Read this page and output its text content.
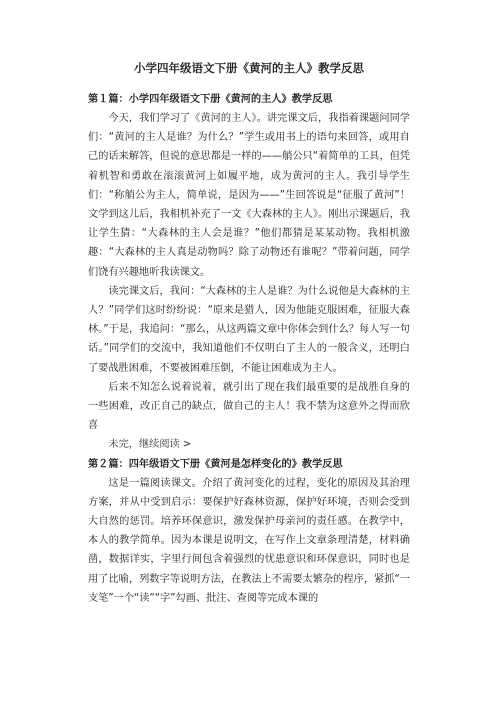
小学四年级语文下册《黄河的主人》教学反思

第１篇：小学四年级语文下册《黄河的主人》教学反思

今天，我们学习了《黄河的主人》。讲完课文后，我指着课题问同学们：“黄河的主人是谁？为什么？”学生或用书上的语句来回答，或用自己的话来解答，但说的意思都是一样的——艄公只“着简单的工具，但凭着机智和勇敢在滚滚黄河上如履平地，成为黄河的主人。我引导学生们：“称艄公为主人，简单说，是因为——”生回答说是“征服了黄河”！文学到这儿后，我相机补充了一文《大森林的主人》。刚出示课题后，我让学生猜：“大森林的主人会是谁？”他们都猜是某某动物。我相机激趣：“大森林的主人真是动物吗？除了动物还有谁呢？”带着问题，同学们饶有兴趣地听我读课文。

读完课文后，我问：“大森林的主人是谁？为什么说他是大森林的主人？”同学们这时纷纷说：“原来是猎人，因为他能克服困难，征服大森林。”于是，我追问：“那么，从这两篇文章中你体会到什么？每人写一句话。”同学们的交流中，我知道他们不仅明白了主人的一般含义，还明白了要战胜困难，不要被困难压倒，不能让困难成为主人。

后来不知怎么说着说着，就引出了现在我们最重要的是战胜自身的一些困难，改正自己的缺点，做自己的主人！我不禁为这意外之得而欣喜

未完，继续阅读 >

第２篇：四年级语文下册《黄河是怎样变化的》教学反思

这是一篇阅读课文。介绍了黄河变化的过程，变化的原因及其治理方案，并从中受到启示：要保护好森林资源，保护好环境，否则会受到大自然的惩罚。培养环保意识，激发保护母亲河的责任感。在教学中，本人的教学简单。因为本课是说明文，在写作上文章条理清楚，材料确凿，数据详实，字里行间包含着强烈的忧患意识和环保意识，同时也是用了比喻，列数字等说明方法，在教法上不需要太繁杂的程序，紧抓“一支笔”一个“读”“字”勾画、批注、查阅等完成本课的
